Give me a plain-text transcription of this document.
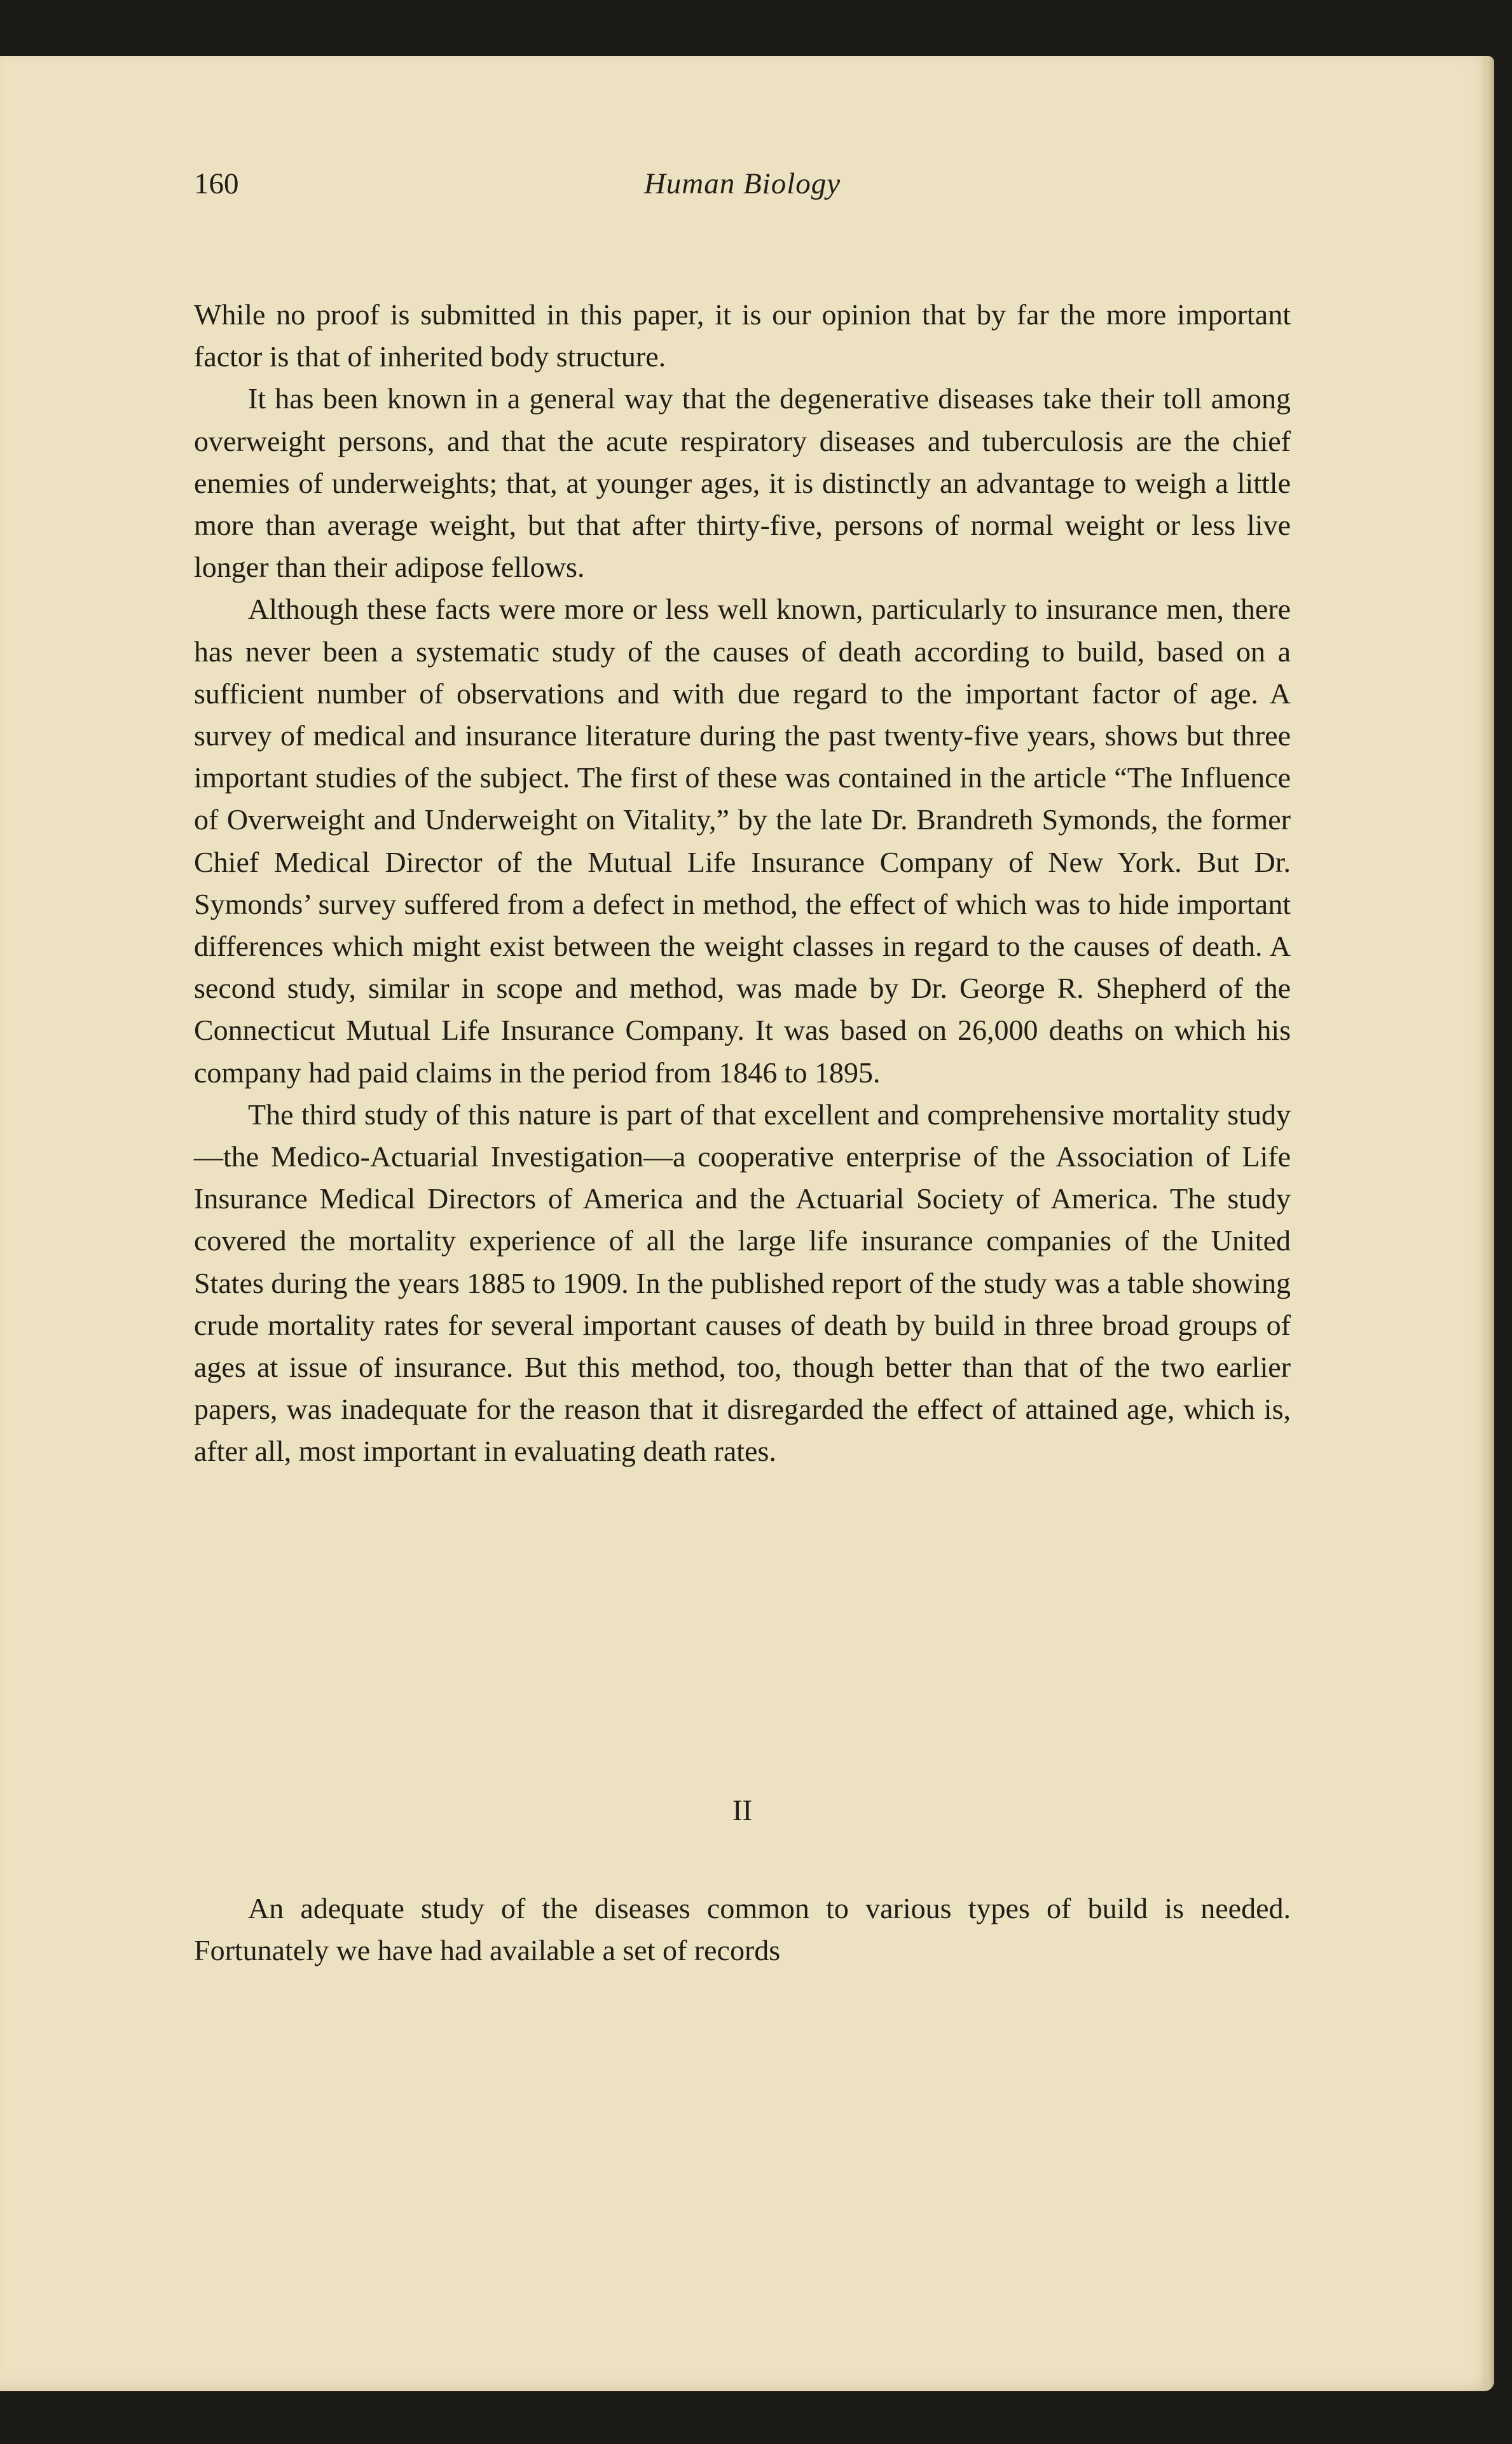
160	Human Biology

While no proof is submitted in this paper, it is our opinion that by far the more important factor is that of inherited body structure.

It has been known in a general way that the degenerative diseases take their toll among overweight persons, and that the acute respiratory diseases and tuberculosis are the chief enemies of underweights; that, at younger ages, it is distinctly an advantage to weigh a little more than average weight, but that after thirty-five, persons of normal weight or less live longer than their adipose fellows.

Although these facts were more or less well known, particularly to insurance men, there has never been a systematic study of the causes of death according to build, based on a sufficient number of observations and with due regard to the important factor of age. A survey of medical and insurance literature during the past twenty-five years, shows but three important studies of the subject. The first of these was contained in the article “The Influence of Overweight and Underweight on Vitality,” by the late Dr. Brandreth Symonds, the former Chief Medical Director of the Mutual Life Insurance Company of New York. But Dr. Symonds’ survey suffered from a defect in method, the effect of which was to hide important differences which might exist between the weight classes in regard to the causes of death. A second study, similar in scope and method, was made by Dr. George R. Shepherd of the Connecticut Mutual Life Insurance Company. It was based on 26,000 deaths on which his company had paid claims in the period from 1846 to 1895.

The third study of this nature is part of that excellent and comprehensive mortality study—the Medico-Actuarial Investigation—a cooperative enterprise of the Association of Life Insurance Medical Directors of America and the Actuarial Society of America. The study covered the mortality experience of all the large life insurance companies of the United States during the years 1885 to 1909. In the published report of the study was a table showing crude mortality rates for several important causes of death by build in three broad groups of ages at issue of insurance. But this method, too, though better than that of the two earlier papers, was inadequate for the reason that it disregarded the effect of attained age, which is, after all, most important in evaluating death rates.

II

An adequate study of the diseases common to various types of build is needed. Fortunately we have had available a set of records
